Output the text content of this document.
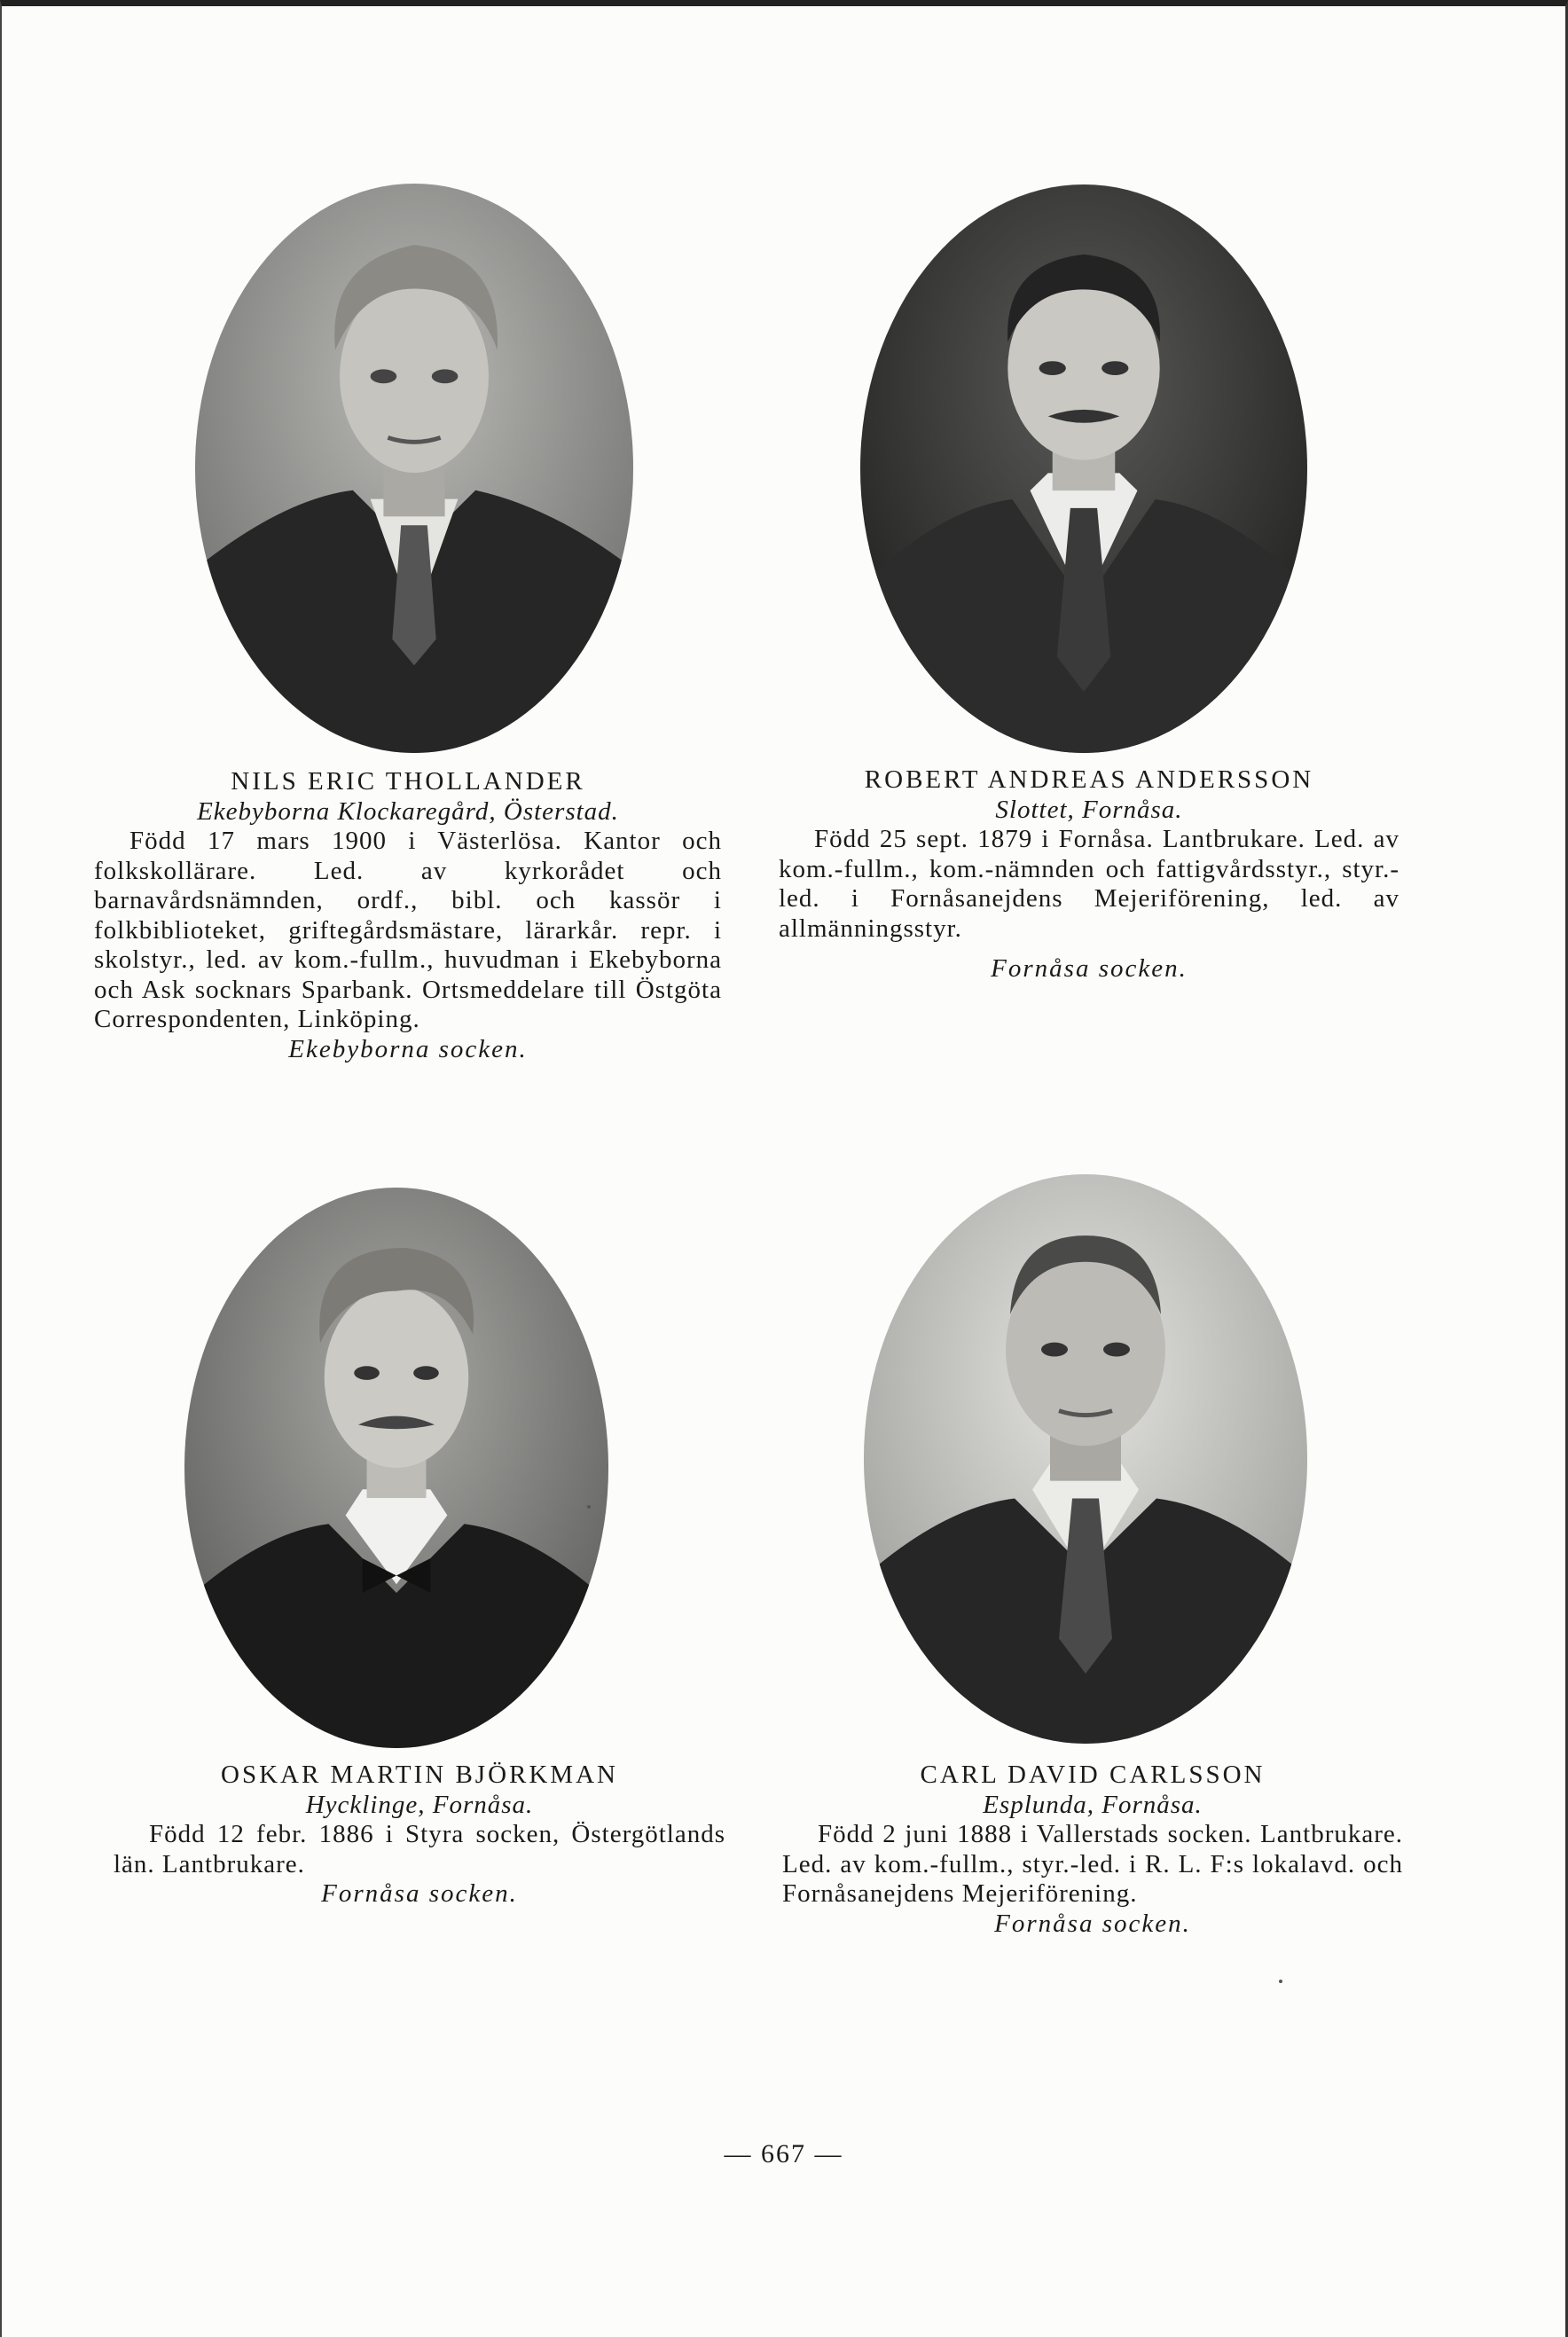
NILS ERIC THOLLANDER
Ekebyborna Klockaregård, Österstad.
Född 17 mars 1900 i Västerlösa. Kantor och folkskollärare. Led. av kyrkorådet och barnavårdsnämnden, ordf., bibl. och kassör i folkbiblioteket, griftegårdsmästare, lärarkår. repr. i skolstyr., led. av kom.-fullm., huvudman i Ekebyborna och Ask socknars Sparbank. Ortsmeddelare till Östgöta Correspondenten, Linköping.
Ekebyborna socken.
ROBERT ANDREAS ANDERSSON
Slottet, Fornåsa.
Född 25 sept. 1879 i Fornåsa. Lantbrukare. Led. av kom.-fullm., kom.-nämnden och fattigvårdsstyr., styr.-led. i Fornåsanejdens Mejeriförening, led. av allmänningsstyr.
Fornåsa socken.
OSKAR MARTIN BJÖRKMAN
Hycklinge, Fornåsa.
Född 12 febr. 1886 i Styra socken, Östergötlands län. Lantbrukare.
Fornåsa socken.
CARL DAVID CARLSSON
Esplunda, Fornåsa.
Född 2 juni 1888 i Vallerstads socken. Lantbrukare. Led. av kom.-fullm., styr.-led. i R. L. F:s lokalavd. och Fornåsanejdens Mejeriförening.
Fornåsa socken.
— 667 —
